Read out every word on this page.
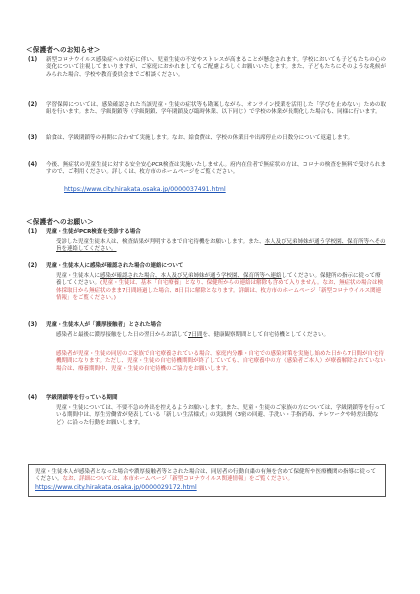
＜保護者へのお知らせ＞
(1) 新型コロナウイルス感染症への対応に伴い、児童生徒の不安やストレスが高まることが懸念されます。学校においても子どもたちの心の変化について注視してまいりますが、ご家庭におかれましてもご配慮よろしくお願いいたします。また、子どもたちにそのような兆候がみられた場合、学校や教育委員会までご相談ください。
(2) 学習保障については、感染確認された当該児童・生徒の症状等も勘案しながら、オンライン授業を活用した「学びを止めない」ための取組を行います。また、学級閉鎖等（学級閉鎖、学年閉鎖及び臨時休業、以下同じ）で学校の休業が長期化した場合も、同様に行います。
(3) 給食は、学級閉鎖等の再開に合わせて実施します。なお、給食費は、学校の休業日や出席停止の日数分について返還します。
(4) 今後、無症状の児童生徒に対する安全安心PCR検査は実施いたしません。府内在住者で無症状の方は、コロナの検査を無料で受けられますので、ご利用ください。詳しくは、枚方市のホームページをご覧ください。
https://www.city.hirakata.osaka.jp/0000037491.html
＜保護者へのお願い＞
(1) 児童・生徒がPCR検査を受診する場合
受診した児童生徒本人は、検査結果が判明するまで自宅待機をお願いします。また、本人及び兄弟姉妹が通う学校園、保育所等へその旨を連絡してください。
(2) 児童・生徒本人に感染が確認された場合の連絡について
児童・生徒本人に感染が確認された場合、本人及び兄弟姉妹が通う学校園、保育所等へ連絡してください。保健所の指示に従って療養してください。(児童・生徒は、基本「自宅療養」となり、保健所からの連絡は解除も含めて入りません。なお、無症状の場合は検体採取日から無症状のまま7日間経過した場合、8日目に解除となります。詳細は、枚方市のホームページ「新型コロナウイルス関連情報」をご覧ください。)
(3) 児童・生徒本人が「濃厚接触者」とされた場合
感染者と最後に濃厚接触をした日の翌日からお話して7日間を、健康観察期間として自宅待機としてください。
感染者が児童・生徒の同居のご家族で自宅療養されている場合、家庭内分離・自宅での感染対策を実施し始めた日から7日間が自宅待機期間になります。ただし、児童・生徒の自宅待機期間が終了していても、自宅療養中の方（感染者ご本人）が療養解除されていない場合は、療養期間中、児童・生徒の自宅待機のご協力をお願いします。
(4) 学級閉鎖等を行っている期間
児童・生徒については、不要不急の外出を控えるようお願いします。また、児童・生徒のご家族の方については、学級閉鎖等を行っている期間中は、厚生労働省が発表している「新しい生活様式」の実践例（3密の回避、手洗い・手指消毒、テレワークや時差出勤など）に沿った行動をお願いします。
児童・生徒本人が感染者となった場合や濃厚接触者等とされた場合は、同居者の行動自粛の有無を含めて保健所や医療機関の指導に従ってください。なお、詳細については、本市ホームページ「新型コロナウイルス関連情報」をご覧ください。
https://www.city.hirakata.osaka.jp/0000029172.html
